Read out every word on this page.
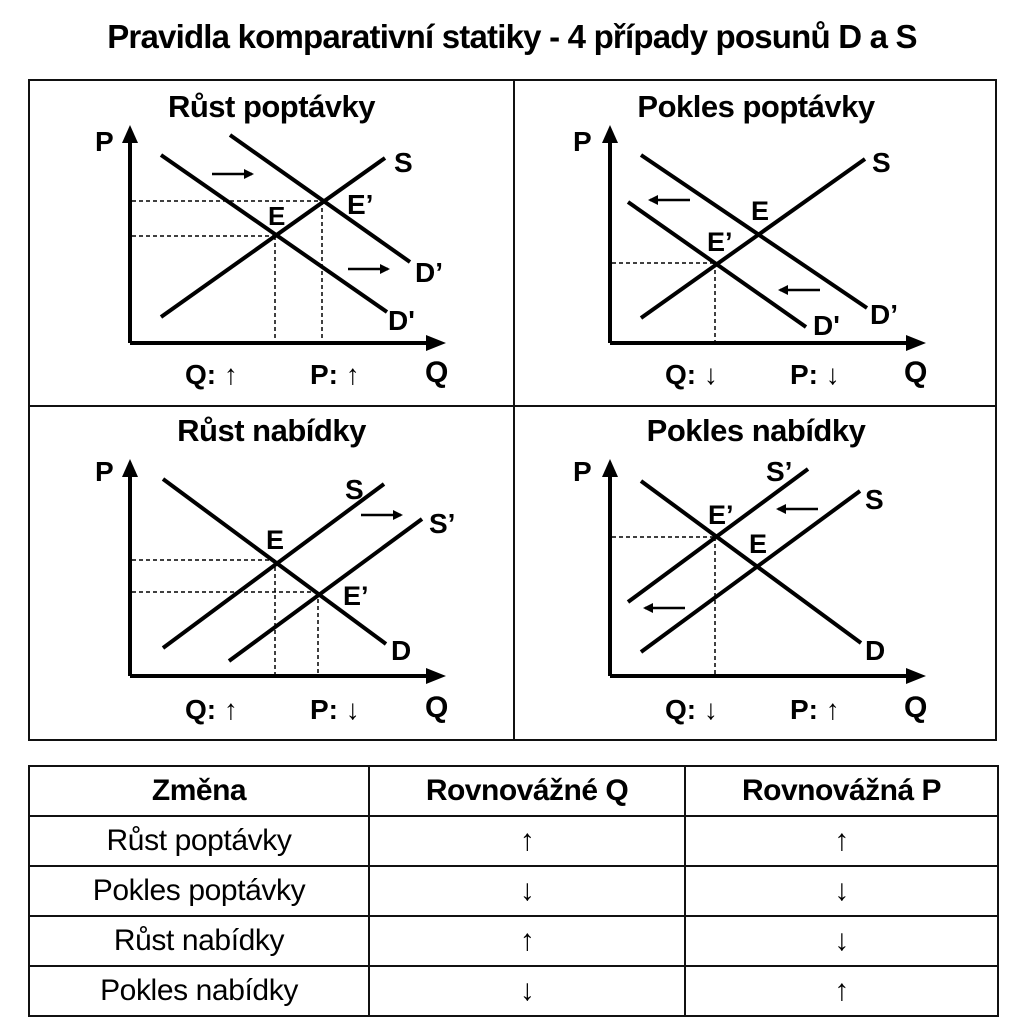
Pravidla komparativní statiky - 4 případy posunů D a S
Růst poptávky
P
Q
S
E’
E
D’
D'
Q: ↑	P: ↑
Pokles poptávky
P
Q
S
E
E’
D’
D'
Q: ↓	P: ↓
Růst nabídky
P
Q
S
S’
E
E’
D
Q: ↑	P: ↓
Pokles nabídky
P
Q
S’
S
E’
E
D
Q: ↓	P: ↑
Změna	Rovnovážné Q	Rovnovážná P
Růst poptávky	↑	↑
Pokles poptávky	↓	↓
Růst nabídky	↑	↓
Pokles nabídky	↓	↑
